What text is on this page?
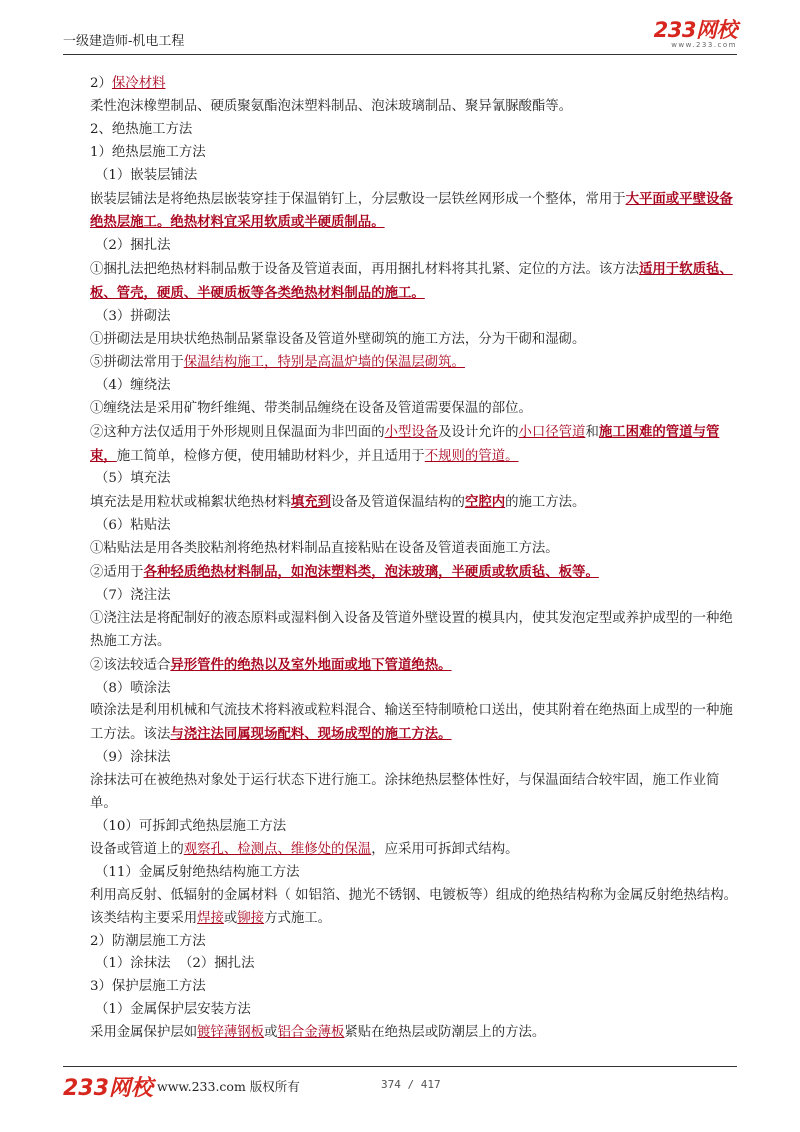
一级建造师-机电工程	233网校
www.233.com

2）保冷材料

柔性泡沫橡塑制品、硬质聚氨酯泡沫塑料制品、泡沫玻璃制品、聚异氰脲酸酯等。

2、绝热施工方法

1）绝热层施工方法

（1）嵌装层铺法

嵌装层铺法是将绝热层嵌装穿挂于保温销钉上，分层敷设一层铁丝网形成一个整体，常用于大平面或平壁设备绝热层施工。绝热材料宜采用软质或半硬质制品。

（2）捆扎法

①捆扎法把绝热材料制品敷于设备及管道表面，再用捆扎材料将其扎紧、定位的方法。该方法适用于软质毡、板、管壳，硬质、半硬质板等各类绝热材料制品的施工。

（3）拼砌法

①拼砌法是用块状绝热制品紧靠设备及管道外壁砌筑的施工方法，分为干砌和湿砌。

⑤拼砌法常用于保温结构施工，特别是高温炉墙的保温层砌筑。

（4）缠绕法

①缠绕法是采用矿物纤维绳、带类制品缠绕在设备及管道需要保温的部位。

②这种方法仅适用于外形规则且保温面为非凹面的小型设备及设计允许的小口径管道和施工困难的管道与管束，施工简单，检修方便，使用辅助材料少，并且适用于不规则的管道。

（5）填充法

填充法是用粒状或棉絮状绝热材料填充到设备及管道保温结构的空腔内的施工方法。

（6）粘贴法

①粘贴法是用各类胶粘剂将绝热材料制品直接粘贴在设备及管道表面施工方法。

②适用于各种轻质绝热材料制品，如泡沫塑料类，泡沫玻璃，半硬质或软质毡、板等。

（7）浇注法

①浇注法是将配制好的液态原料或湿料倒入设备及管道外壁设置的模具内，使其发泡定型或养护成型的一种绝热施工方法。

②该法较适合异形管件的绝热以及室外地面或地下管道绝热。

（8）喷涂法

喷涂法是利用机械和气流技术将料液或粒料混合、输送至特制喷枪口送出，使其附着在绝热面上成型的一种施工方法。该法与浇注法同属现场配料、现场成型的施工方法。

（9）涂抹法

涂抹法可在被绝热对象处于运行状态下进行施工。涂抹绝热层整体性好，与保温面结合较牢固，施工作业简单。

（10）可拆卸式绝热层施工方法

设备或管道上的观察孔、检测点、维修处的保温，应采用可拆卸式结构。

（11）金属反射绝热结构施工方法

利用高反射、低辐射的金属材料（ 如铝箔、抛光不锈钢、电镀板等）组成的绝热结构称为金属反射绝热结构。该类结构主要采用焊接或铆接方式施工。

2）防潮层施工方法

（1）涂抹法  （2）捆扎法

3）保护层施工方法

（1）金属保护层安装方法

采用金属保护层如镀锌薄钢板或铝合金薄板紧贴在绝热层或防潮层上的方法。

233网校 www.233.com 版权所有	374 / 417
